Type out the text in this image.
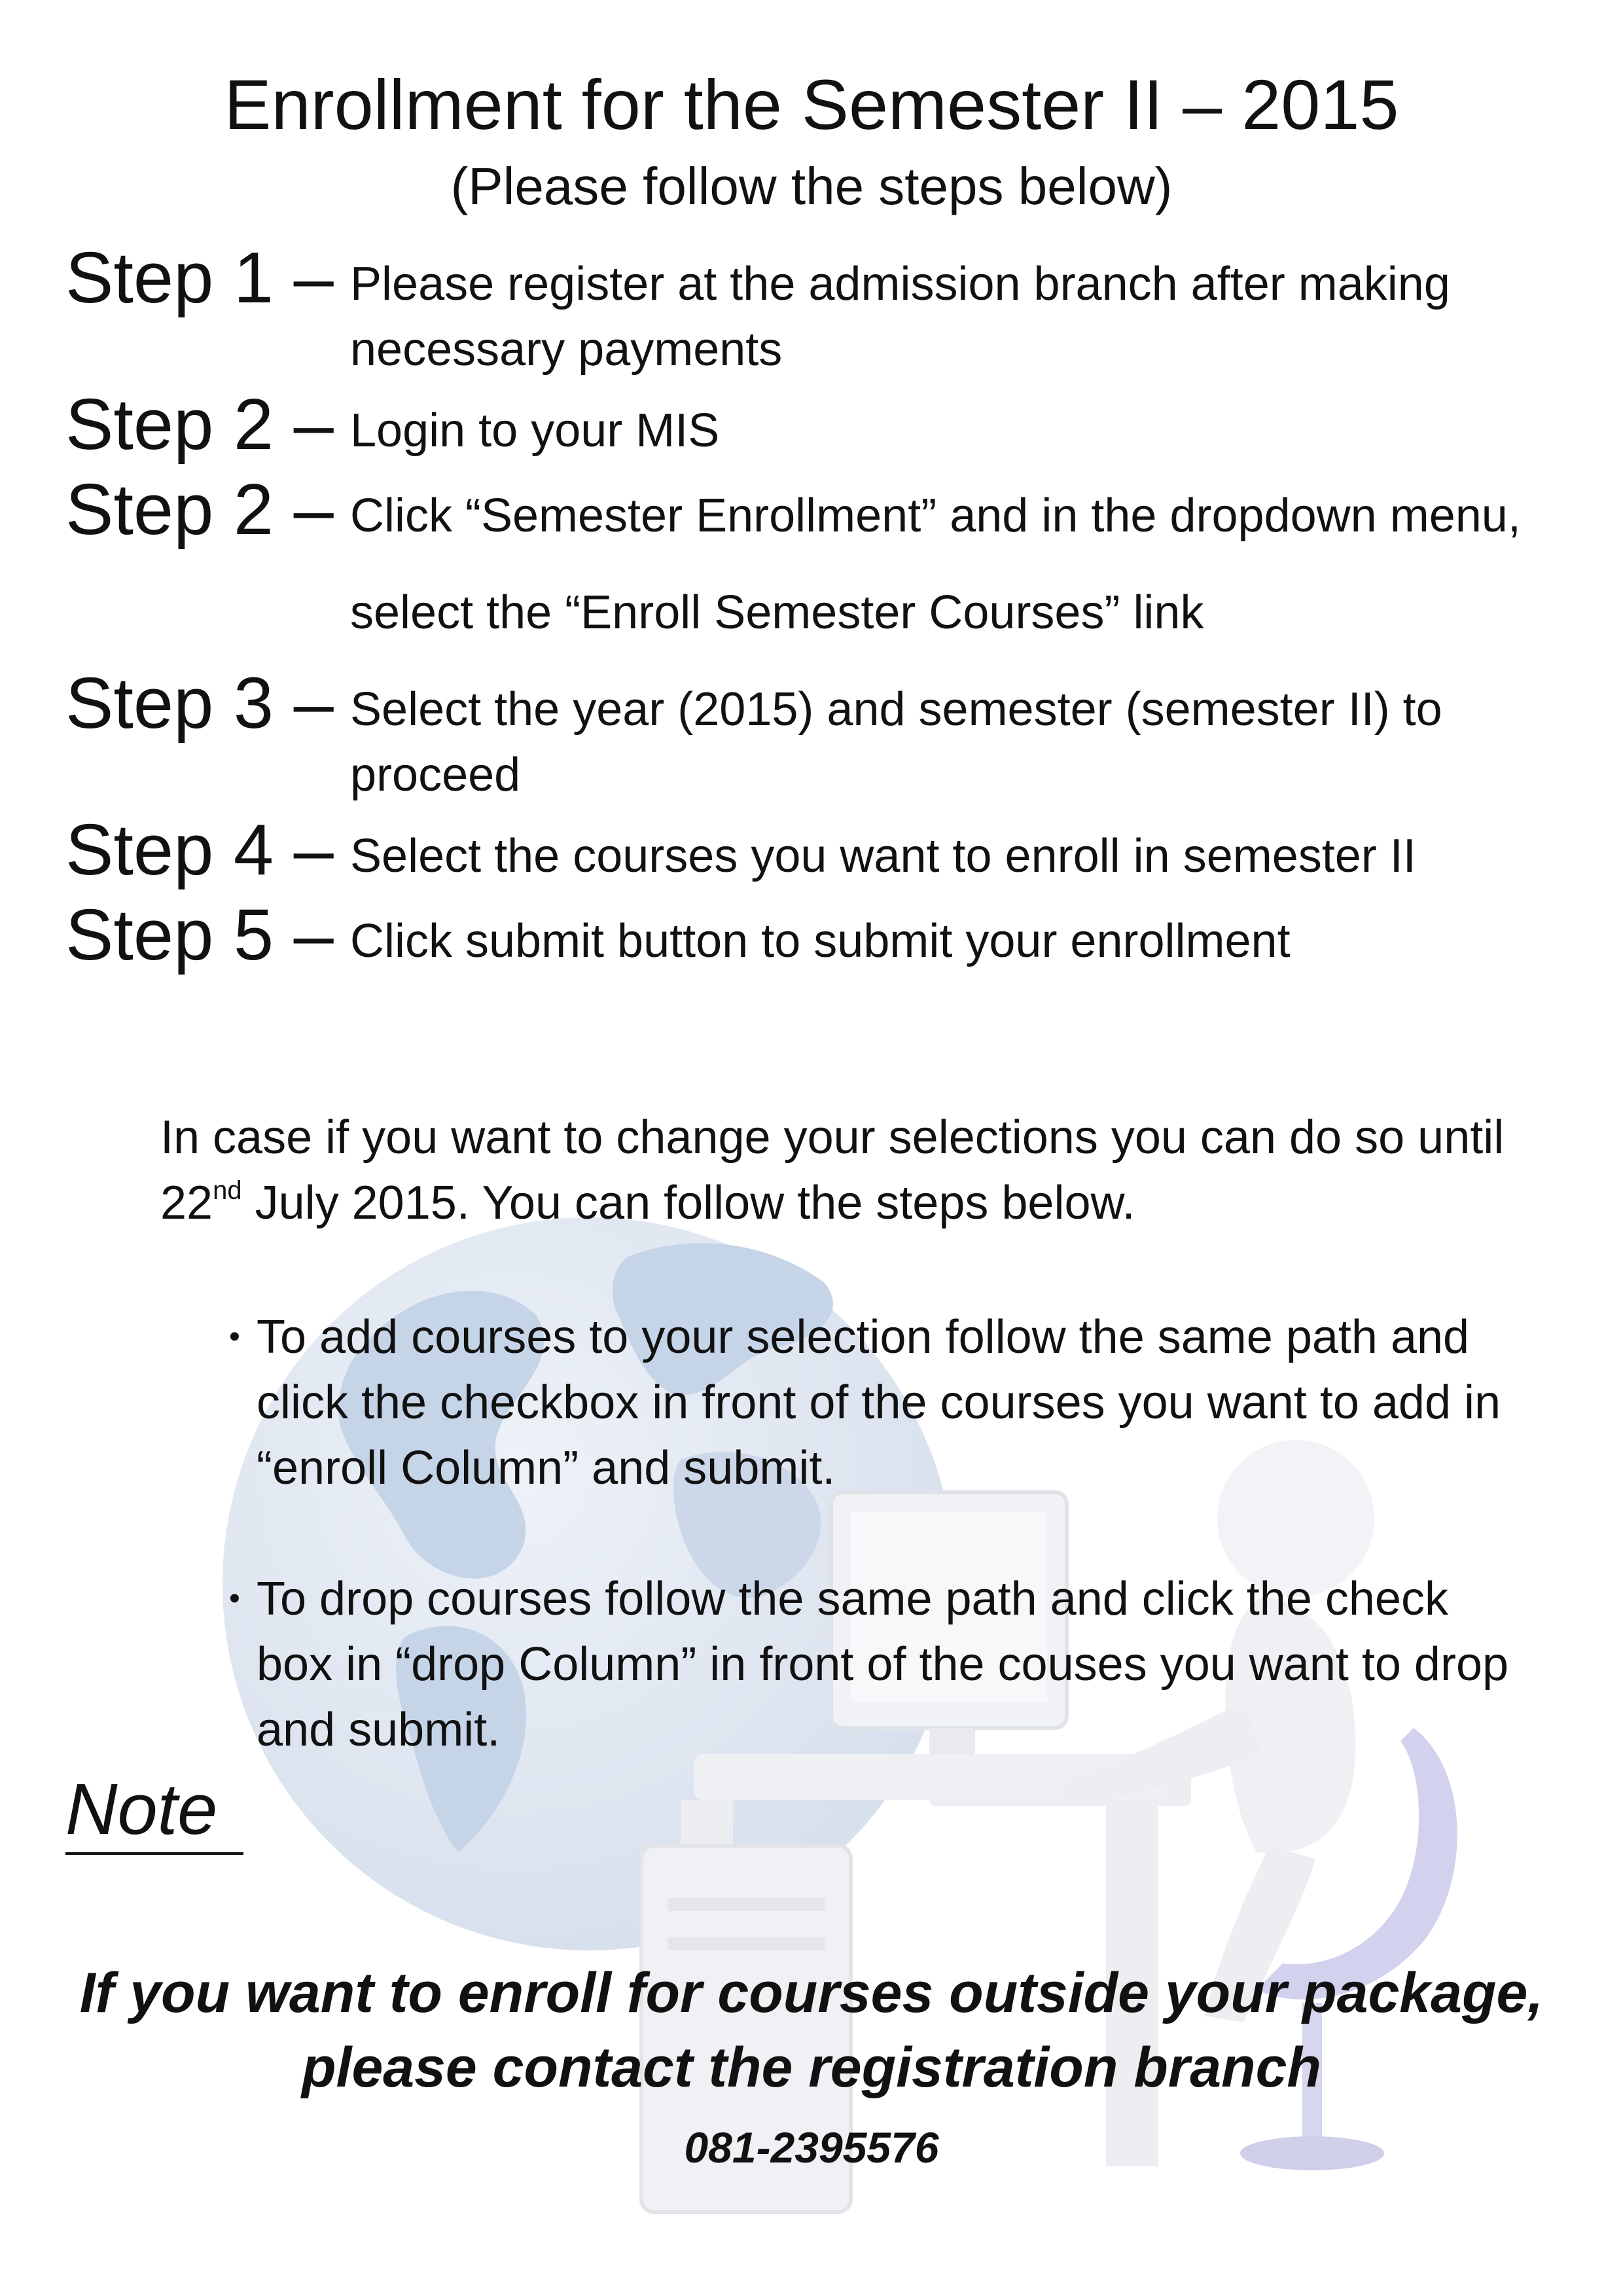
Enrollment for the Semester II – 2015
(Please follow the steps below)
Step 1 – Please register at the admission branch after making necessary payments
Step 2 – Login to your MIS
Step 2 – Click “Semester Enrollment” and in the dropdown menu, select the “Enroll Semester Courses” link
Step 3 – Select the year (2015) and semester (semester II) to proceed
Step 4 – Select the courses you want to enroll in semester II
Step 5 – Click submit button to submit your enrollment
In case if you want to change your selections you can do so until 22nd July 2015. You can follow the steps below.
• To add courses to your selection follow the same path and click the checkbox in front of the courses you want to add in “enroll Column” and submit.
• To drop courses follow the same path and click the check box in “drop Column” in front of the couses you want to drop and submit.
Note
If you want to enroll for courses outside your package,
please contact the registration branch
081-2395576
